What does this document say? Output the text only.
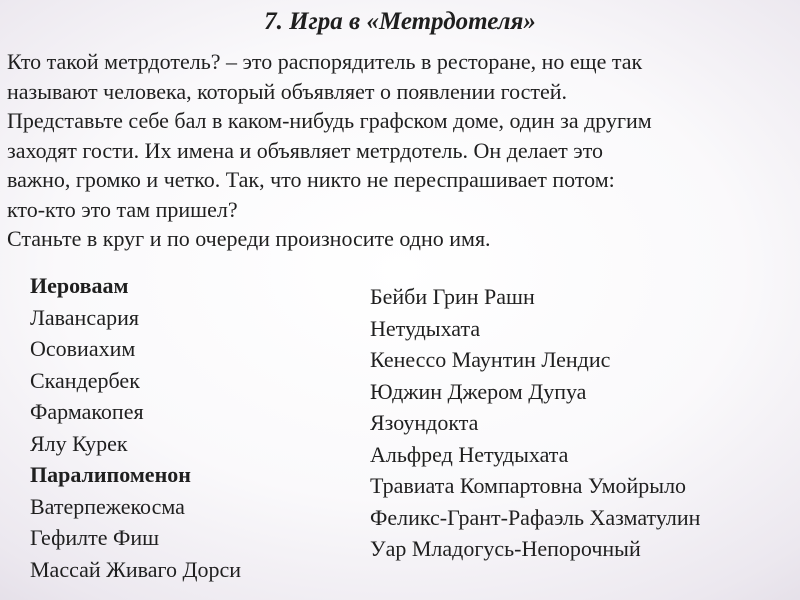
7. Игра в «Метрдотеля»

Кто такой метрдотель? – это распорядитель в ресторане, но еще так

называют человека, который объявляет о появлении гостей.

Представьте себе бал в каком-нибудь графском доме, один за другим

заходят гости. Их имена и объявляет метрдотель. Он делает это

важно, громко и четко. Так, что никто не переспрашивает потом:

кто-кто это там пришел?

Станьте в круг и по очереди произносите одно имя.

Иероваам
Лавансария
Осовиахим
Скандербек
Фармакопея
Ялу Курек
Паралипоменон
Ватерпежекосма
Гефилте Фиш
Массай Живаго Дорси
Бейби Грин Рашн
Нетудыхата
Кенессо Маунтин Лендис
Юджин Джером Дупуа
Язоундокта
Альфред Нетудыхата
Травиата Компартовна Умойрыло
Феликс-Грант-Рафаэль Хазматулин
Уар Младогусь-Непорочный
